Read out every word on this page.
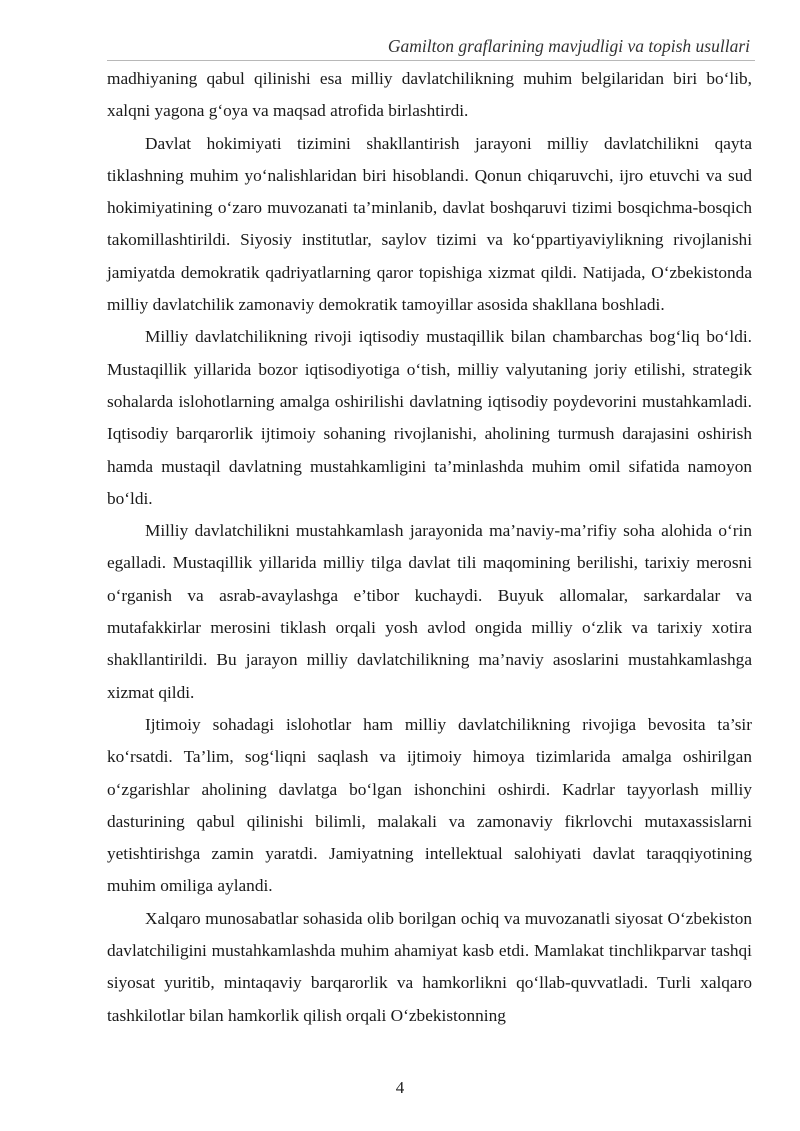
Gamilton graflarining mavjudligi va topish usullari

madhiyaning qabul qilinishi esa milliy davlatchilikning muhim belgilaridan biri bo‘lib, xalqni yagona g‘oya va maqsad atrofida birlashtirdi.

Davlat hokimiyati tizimini shakllantirish jarayoni milliy davlatchilikni qayta tiklashning muhim yo‘nalishlaridan biri hisoblandi. Qonun chiqaruvchi, ijro etuvchi va sud hokimiyatining o‘zaro muvozanati ta’minlanib, davlat boshqaruvi tizimi bosqichma-bosqich takomillashtirildi. Siyosiy institutlar, saylov tizimi va ko‘ppartiyaviylikning rivojlanishi jamiyatda demokratik qadriyatlarning qaror topishiga xizmat qildi. Natijada, O‘zbekistonda milliy davlatchilik zamonaviy demokratik tamoyillar asosida shakllana boshladi.

Milliy davlatchilikning rivoji iqtisodiy mustaqillik bilan chambarchas bog‘liq bo‘ldi. Mustaqillik yillarida bozor iqtisodiyotiga o‘tish, milliy valyutaning joriy etilishi, strategik sohalarda islohotlarning amalga oshirilishi davlatning iqtisodiy poydevorini mustahkamladi. Iqtisodiy barqarorlik ijtimoiy sohaning rivojlanishi, aholining turmush darajasini oshirish hamda mustaqil davlatning mustahkamligini ta’minlashda muhim omil sifatida namoyon bo‘ldi.

Milliy davlatchilikni mustahkamlash jarayonida ma’naviy-ma’rifiy soha alohida o‘rin egalladi. Mustaqillik yillarida milliy tilga davlat tili maqomining berilishi, tarixiy merosni o‘rganish va asrab-avaylashga e’tibor kuchaydi. Buyuk allomalar, sarkardalar va mutafakkirlar merosini tiklash orqali yosh avlod ongida milliy o‘zlik va tarixiy xotira shakllantirildi. Bu jarayon milliy davlatchilikning ma’naviy asoslarini mustahkamlashga xizmat qildi.

Ijtimoiy sohadagi islohotlar ham milliy davlatchilikning rivojiga bevosita ta’sir ko‘rsatdi. Ta’lim, sog‘liqni saqlash va ijtimoiy himoya tizimlarida amalga oshirilgan o‘zgarishlar aholining davlatga bo‘lgan ishonchini oshirdi. Kadrlar tayyorlash milliy dasturining qabul qilinishi bilimli, malakali va zamonaviy fikrlovchi mutaxassislarni yetishtirishga zamin yaratdi. Jamiyatning intellektual salohiyati davlat taraqqiyotining muhim omiliga aylandi.

Xalqaro munosabatlar sohasida olib borilgan ochiq va muvozanatli siyosat O‘zbekiston davlatchiligini mustahkamlashda muhim ahamiyat kasb etdi. Mamlakat tinchlikparvar tashqi siyosat yuritib, mintaqaviy barqarorlik va hamkorlikni qo‘llab-quvvatladi. Turli xalqaro tashkilotlar bilan hamkorlik qilish orqali O‘zbekistonning

4
